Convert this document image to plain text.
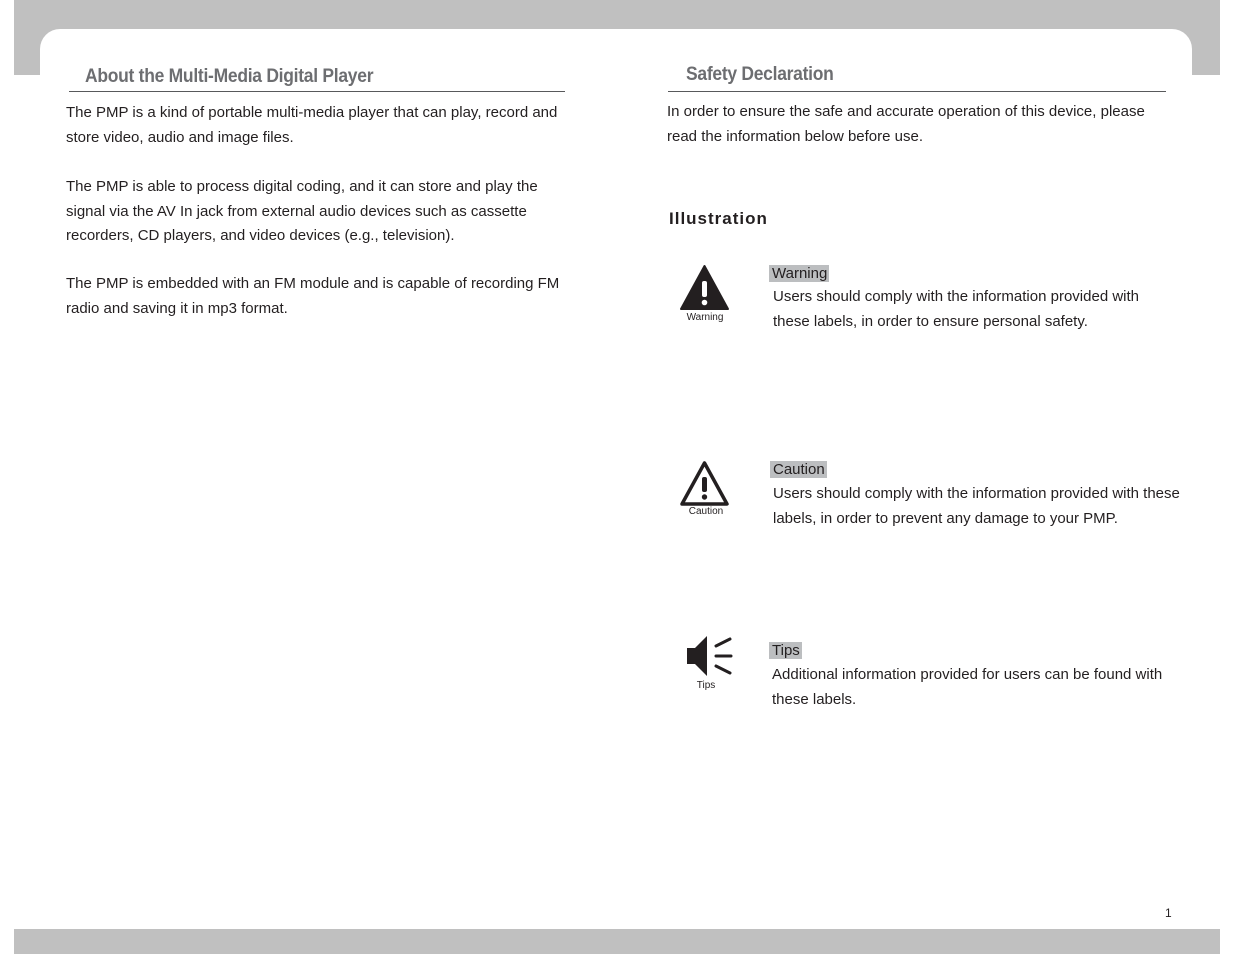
About the Multi-Media Digital Player

The PMP is a kind of portable multi-media player that can play, record and store video, audio and image files.

The PMP is able to process digital coding, and it can store and play the signal via the AV In jack from external audio devices such as cassette recorders, CD players, and video devices (e.g., television).

The PMP is embedded with an FM module and is capable of recording FM radio and saving it in mp3 format.

Safety Declaration

In order to ensure the safe and accurate operation of this device, please read the information below before use.

Illustration
Warning
Warning

Users should comply with the information provided with these labels, in order to ensure personal safety.

Caution
Caution

Users should comply with the information provided with these labels, in order to prevent any damage to your PMP.

Tips
Tips

Additional information provided for users can be found with these labels.

1
